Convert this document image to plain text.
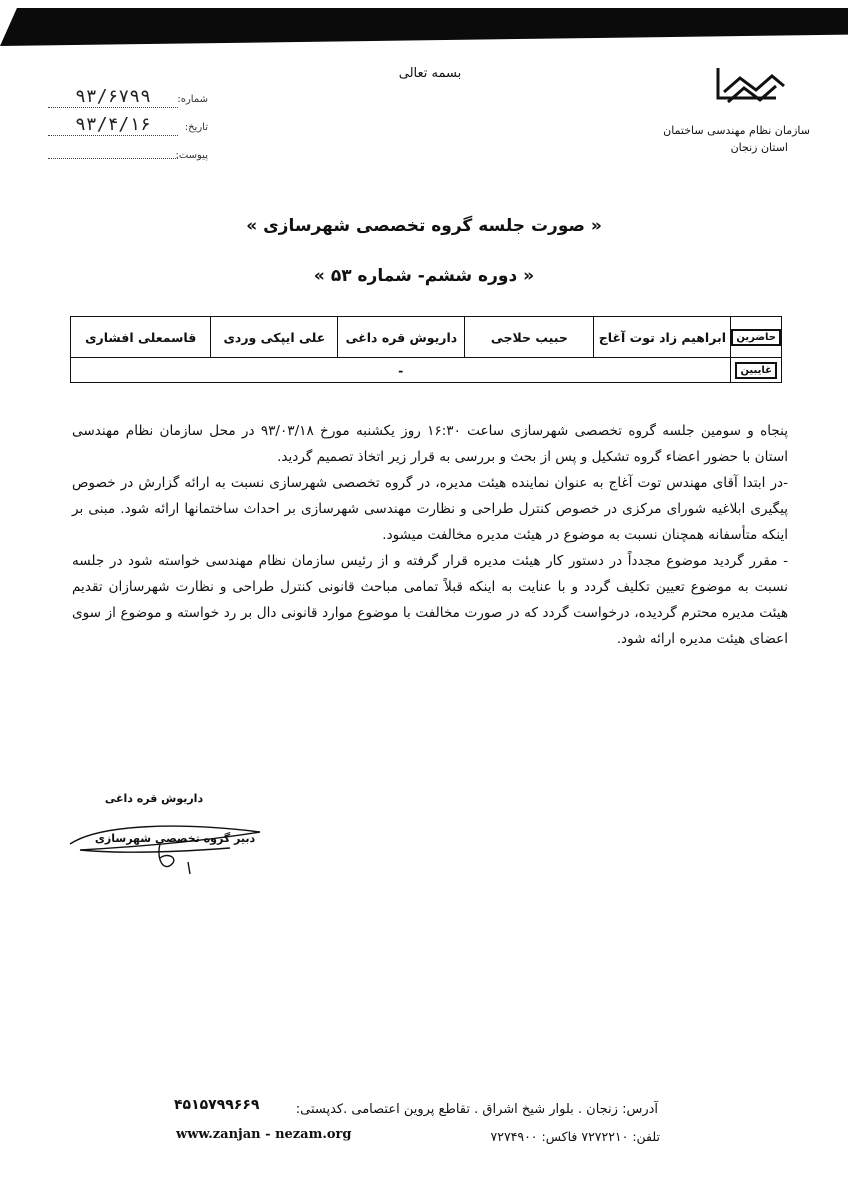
بسمه تعالی
سازمان نظام مهندسی ساختمان
استان زنجان
۹۳/۶۷۹۹	شماره:
۹۳/۴/۱۶	تاریخ:
پیوست:
« صورت جلسه گروه تخصصی شهرسازی »
« دوره ششم- شماره ۵۳ »
حاضرین	ابراهیم زاد توت آغاج	حبیب حلاجی	داریوش قره داغی	علی ایپکی وردی	قاسمعلی افشاری
غایبین	-				

پنجاه و سومین جلسه گروه تخصصی شهرسازی ساعت ۱۶:۳۰ روز یکشنبه مورخ ۹۳/۰۳/۱۸ در محل سازمان نظام مهندسی استان با حضور اعضاء گروه تشکیل و پس از بحث و بررسی به قرار زیر اتخاذ تصمیم گردید.

-در ابتدا آقای مهندس توت آغاج به عنوان نماینده هیئت مدیره، در گروه تخصصی شهرسازی نسبت به ارائه گزارش در خصوص پیگیری ابلاغیه شورای مرکزی در خصوص کنترل طراحی و نظارت مهندسی شهرسازی بر احداث ساختمانها ارائه شود. مبنی بر اینکه متأسفانه همچنان نسبت به موضوع در هیئت مدیره مخالفت میشود.

- مقرر گردید موضوع مجدداً در دستور کار هیئت مدیره قرار گرفته و از رئیس سازمان نظام مهندسی خواسته شود در جلسه نسبت به موضوع تعیین تکلیف گردد و با عنایت به اینکه قبلاً تمامی مباحث قانونی کنترل طراحی و نظارت شهرسازان تقدیم هیئت مدیره محترم گردیده، درخواست گردد که در صورت مخالفت با موضوع موارد قانونی دال بر رد خواسته و موضوع از سوی اعضای هیئت مدیره ارائه شود.

داریوش قره داغی
دبیر گروه تخصصی شهرسازی
۴۵۱۵۷۹۹۶۶۹	آدرس: زنجان . بلوار شیخ اشراق . تقاطع پروین اعتصامی .کدپستی:
www.zanjan - nezam.org	تلفن: ۷۲۷۲۲۱۰ فاکس: ۷۲۷۴۹۰۰
